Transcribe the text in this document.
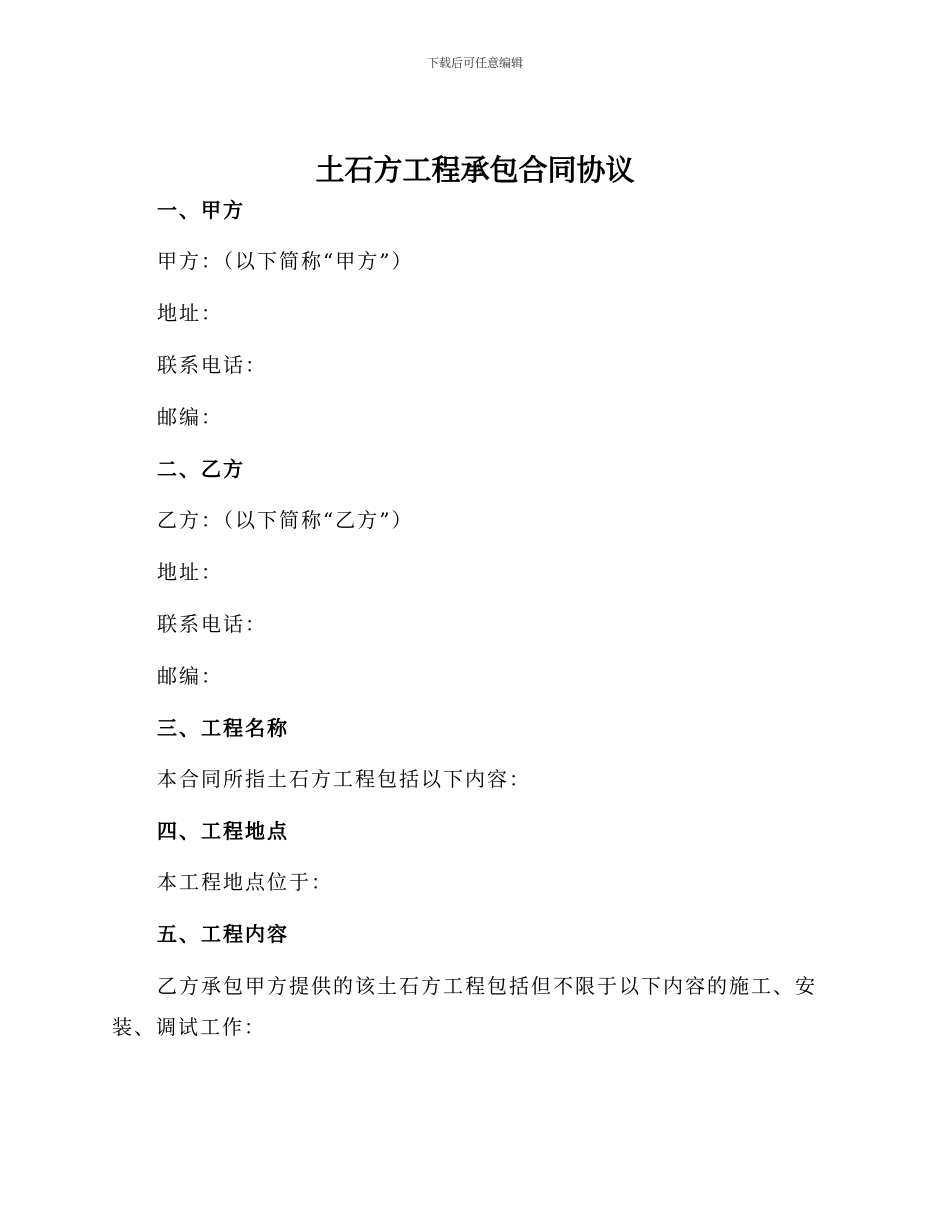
下载后可任意编辑
土石方工程承包合同协议
一、甲方
甲方：（以下简称“甲方”）
地址：
联系电话：
邮编：
二、乙方
乙方：（以下简称“乙方”）
地址：
联系电话：
邮编：
三、工程名称
本合同所指土石方工程包括以下内容：
四、工程地点
本工程地点位于：
五、工程内容
乙方承包甲方提供的该土石方工程包括但不限于以下内容的施工、安
装、调试工作：
